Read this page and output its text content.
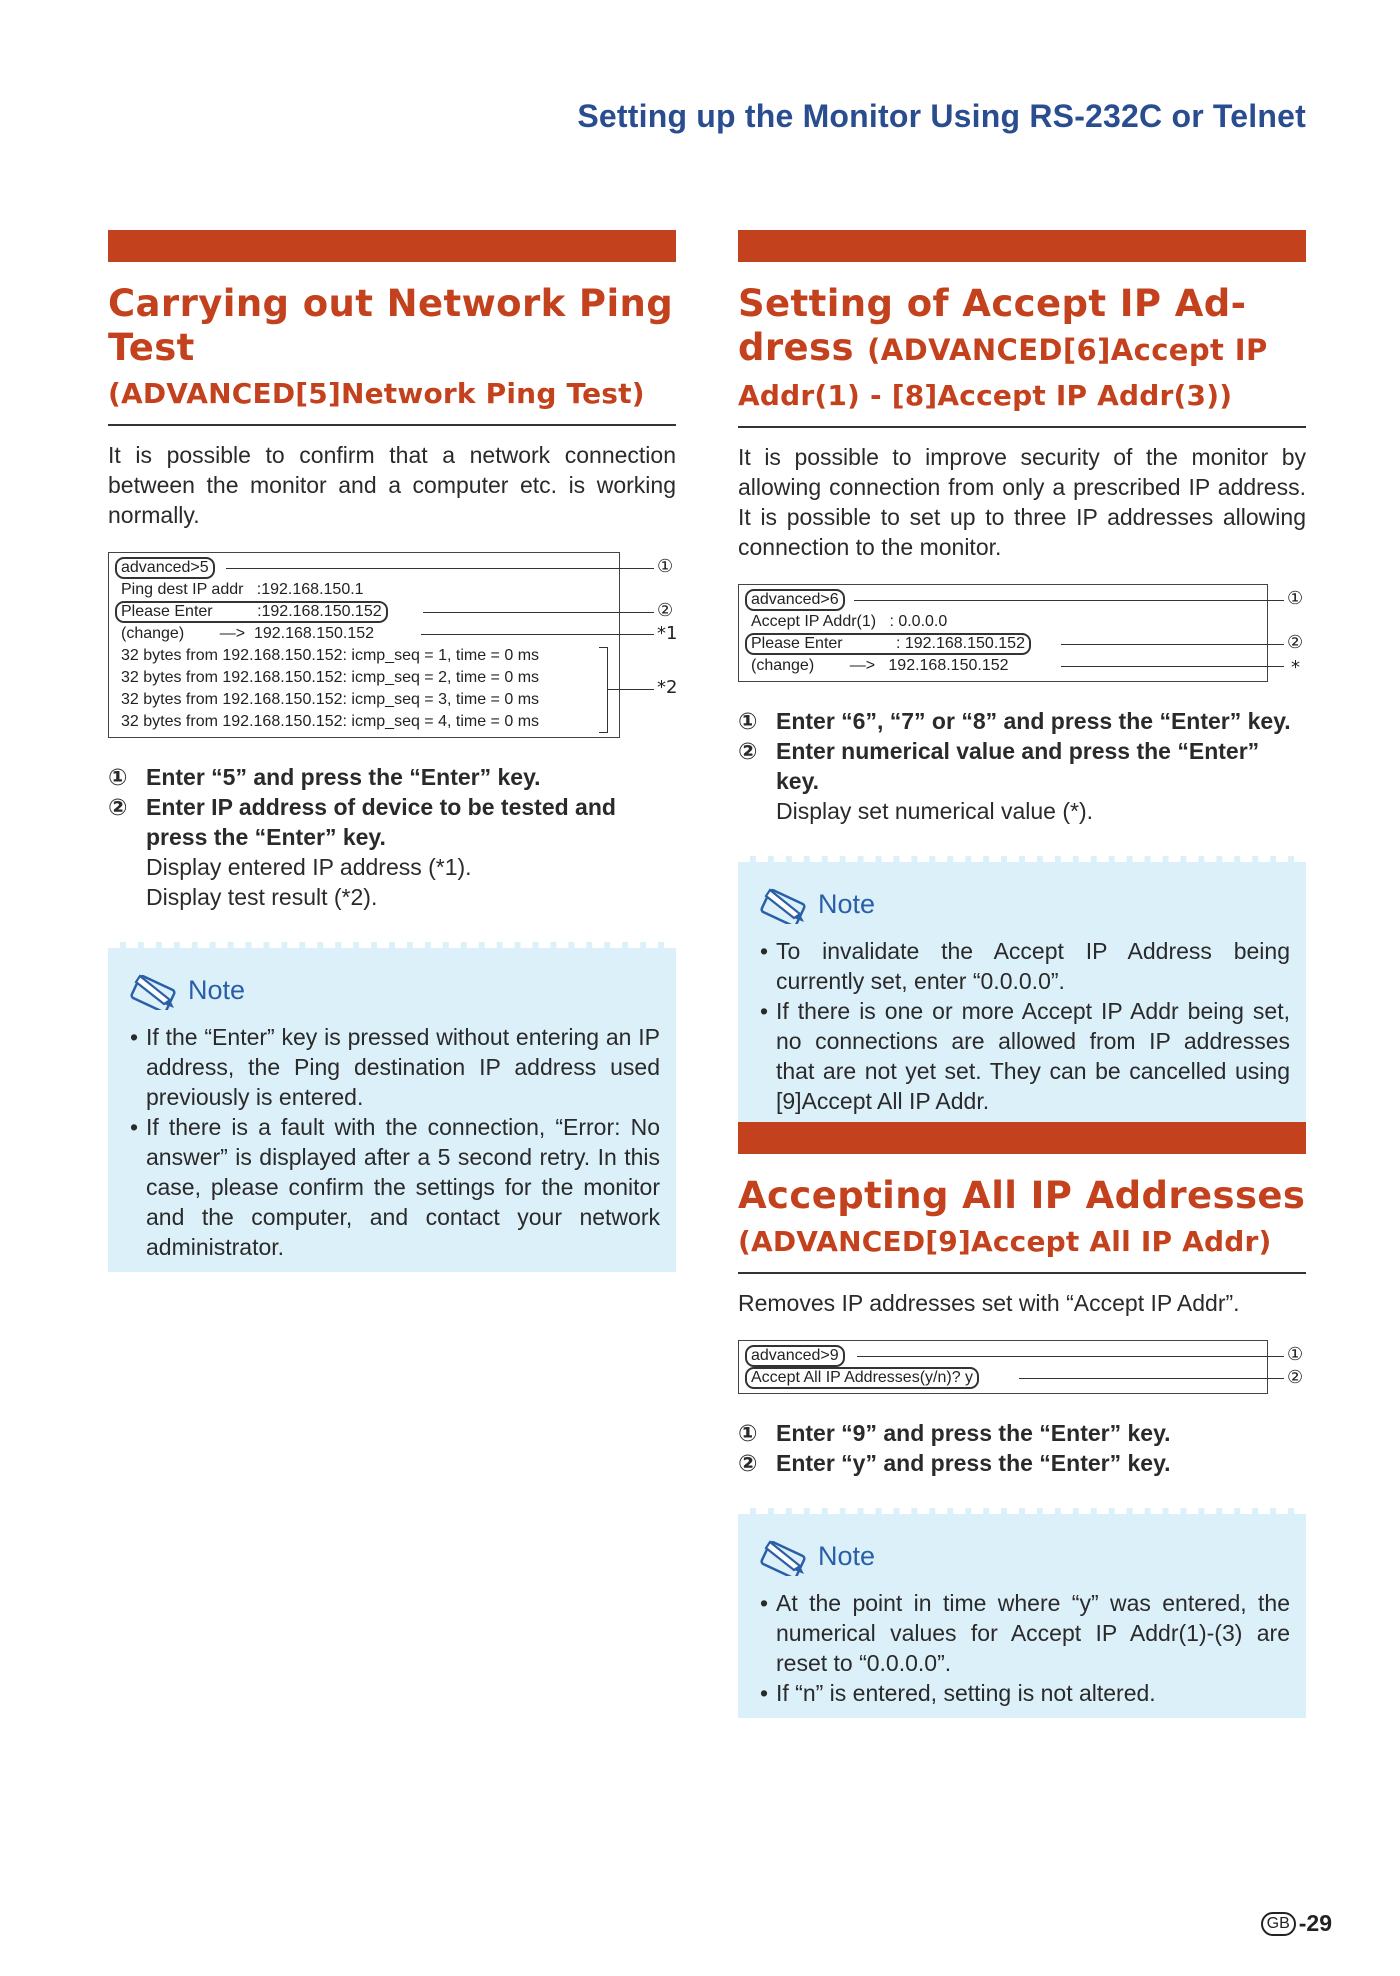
Setting up the Monitor Using RS-232C or Telnet
Carrying out Network Ping Test
(ADVANCED[5]Network Ping Test)
It is possible to confirm that a network connection between the monitor and a computer etc. is working normally.
advanced>5
Ping dest IP addr   :192.168.150.1
Please Enter          :192.168.150.152
(change)        —>  192.168.150.152
32 bytes from 192.168.150.152: icmp_seq = 1, time = 0 ms
32 bytes from 192.168.150.152: icmp_seq = 2, time = 0 ms
32 bytes from 192.168.150.152: icmp_seq = 3, time = 0 ms
32 bytes from 192.168.150.152: icmp_seq = 4, time = 0 ms
①
②
*1
*2
① Enter “5” and press the “Enter” key.
② Enter IP address of device to be tested and press the “Enter” key.
Display entered IP address (*1).
Display test result (*2).
Note
• If the “Enter” key is pressed without entering an IP address, the Ping destination IP address used previously is entered.
• If there is a fault with the connection, “Error: No answer” is displayed after a 5 second retry. In this case, please confirm the settings for the monitor and the computer, and contact your network administrator.
Setting of Accept IP Ad-
dress (ADVANCED[6]Accept IP
Addr(1) - [8]Accept IP Addr(3))
It is possible to improve security of the monitor by allowing connection from only a prescribed IP address. It is possible to set up to three IP addresses allowing connection to the monitor.
advanced>6
Accept IP Addr(1)   : 0.0.0.0
Please Enter            : 192.168.150.152
(change)        —>   192.168.150.152
①
②
*
① Enter “6”, “7” or “8” and press the “Enter” key.
② Enter numerical value and press the “Enter” key.
Display set numerical value (*).
Note
• To invalidate the Accept IP Address being currently set, enter “0.0.0.0”.
• If there is one or more Accept IP Addr being set, no connections are allowed from IP addresses that are not yet set. They can be cancelled using [9]Accept All IP Addr.
Accepting All IP Addresses
(ADVANCED[9]Accept All IP Addr)
Removes IP addresses set with “Accept IP Addr”.
advanced>9
Accept All IP Addresses(y/n)? y
①
②
① Enter “9” and press the “Enter” key.
② Enter “y” and press the “Enter” key.
Note
• At the point in time where “y” was entered, the numerical values for Accept IP Addr(1)-(3) are reset to “0.0.0.0”.
• If “n” is entered, setting is not altered.
GB -29
